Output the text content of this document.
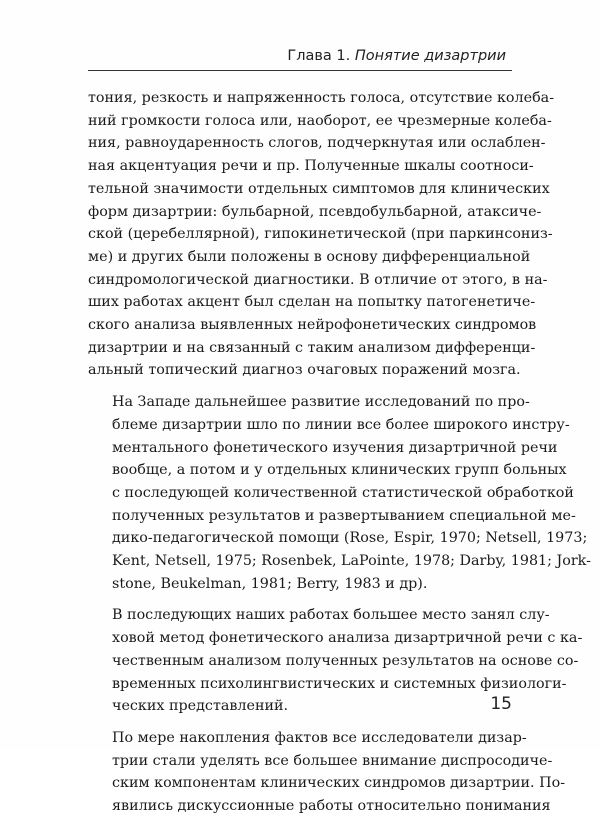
Глава 1. Понятие дизартрии

тония, резкость и напряженность голоса, отсутствие колеба-
ний громкости голоса или, наоборот, ее чрезмерные колеба-
ния, равноударенность слогов, подчеркнутая или ослаблен-
ная акцентуация речи и пр. Полученные шкалы соотноси-
тельной значимости отдельных симптомов для клинических
форм дизартрии: бульбарной, псевдобульбарной, атаксиче-
ской (церебеллярной), гипокинетической (при паркинсониз-
ме) и других были положены в основу дифференциальной
синдромологической диагностики. В отличие от этого, в на-
ших работах акцент был сделан на попытку патогенетиче-
ского анализа выявленных нейрофонетических синдромов
дизартрии и на связанный с таким анализом дифференци-
альный топический диагноз очаговых поражений мозга.

На Западе дальнейшее развитие исследований по про-
блеме дизартрии шло по линии все более широкого инстру-
ментального фонетического изучения дизартричной речи
вообще, а потом и у отдельных клинических групп больных
с последующей количественной статистической обработкой
полученных результатов и развертыванием специальной ме-
дико-педагогической помощи (Rose, Espir, 1970; Netsell, 1973;
Kent, Netsell, 1975; Rosenbek, LaPointe, 1978; Darby, 1981; Jork-
stone, Beukelman, 1981; Berry, 1983 и др).

В последующих наших работах большее место занял слу-
ховой метод фонетического анализа дизартричной речи с ка-
чественным анализом полученных результатов на основе со-
временных психолингвистических и системных физиологи-
ческих представлений.

По мере накопления фактов все исследователи дизар-
трии стали уделять все большее внимание диспросодиче-
ским компонентам клинических синдромов дизартрии. По-
явились дискуссионные работы относительно понимания

15
